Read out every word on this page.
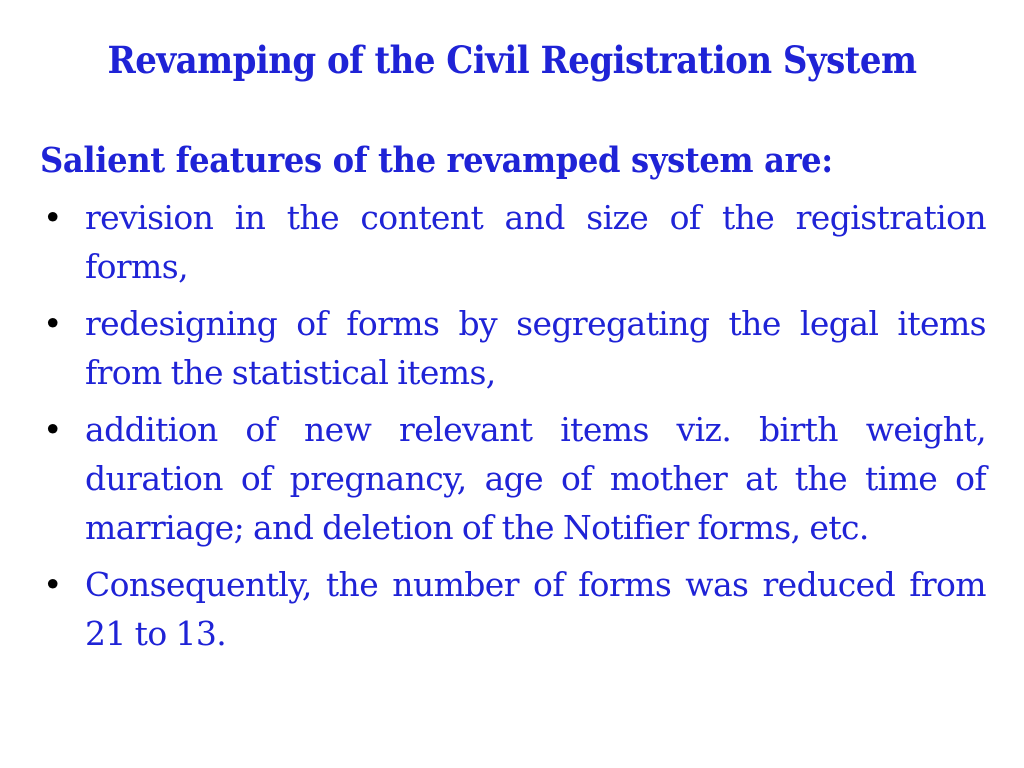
Revamping of the Civil Registration System
Salient features of the revamped system are:
• revision in the content and size of the registration forms,
• redesigning of forms by segregating the legal items from the statistical items,
• addition of new relevant items viz. birth weight, duration of pregnancy, age of mother at the time of marriage; and deletion of the Notifier forms, etc.
• Consequently, the number of forms was reduced from 21 to 13.
